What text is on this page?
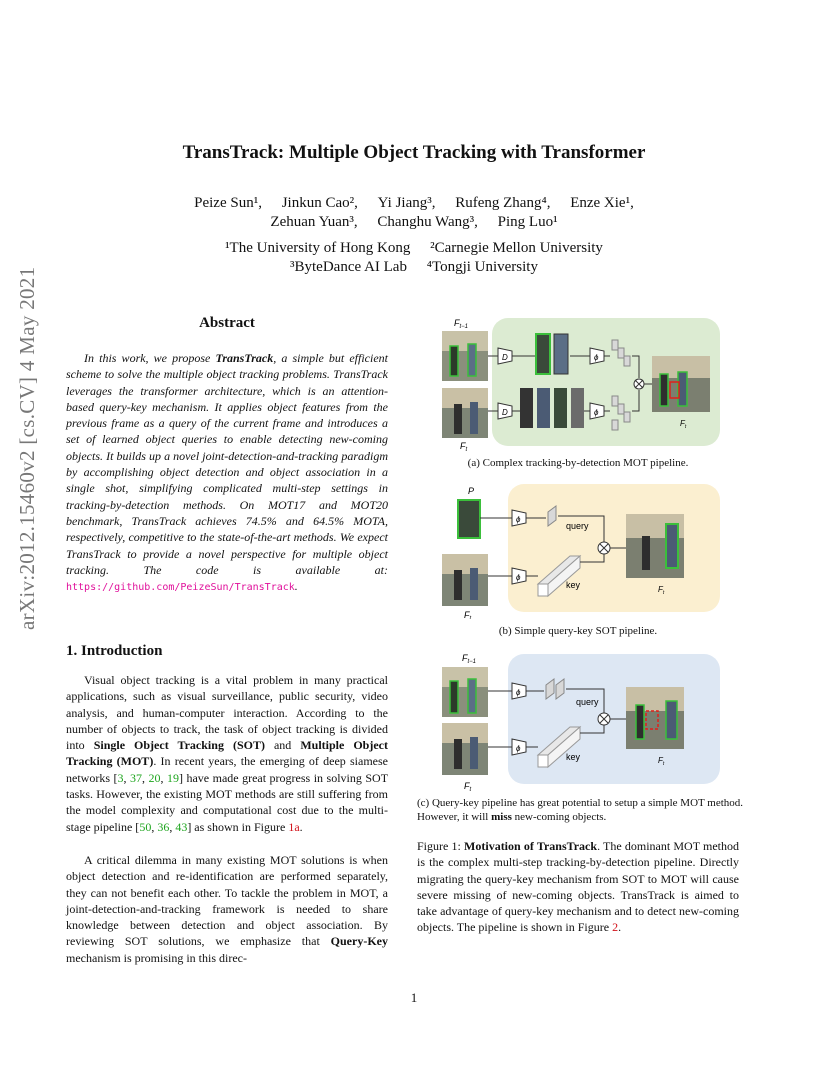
arXiv:2012.15460v2 [cs.CV] 4 May 2021
TransTrack: Multiple Object Tracking with Transformer
Peize Sun¹, Jinkun Cao², Yi Jiang³, Rufeng Zhang⁴, Enze Xie¹,
Zehuan Yuan³, Changhu Wang³, Ping Luo¹
¹The University of Hong Kong ²Carnegie Mellon University
³ByteDance AI Lab ⁴Tongji University
Abstract
In this work, we propose TransTrack, a simple but efficient scheme to solve the multiple object tracking problems. TransTrack leverages the transformer architecture, which is an attention-based query-key mechanism. It applies object features from the previous frame as a query of the current frame and introduces a set of learned object queries to enable detecting new-coming objects. It builds up a novel joint-detection-and-tracking paradigm by accomplishing object detection and object association in a single shot, simplifying complicated multi-step settings in tracking-by-detection methods. On MOT17 and MOT20 benchmark, TransTrack achieves 74.5% and 64.5% MOTA, respectively, competitive to the state-of-the-art methods. We expect TransTrack to provide a novel perspective for multiple object tracking. The code is available at: https://github.com/PeizeSun/TransTrack.
1. Introduction
Visual object tracking is a vital problem in many practical applications, such as visual surveillance, public security, video analysis, and human-computer interaction. According to the number of objects to track, the task of object tracking is divided into Single Object Tracking (SOT) and Multiple Object Tracking (MOT). In recent years, the emerging of deep siamese networks [3, 37, 20, 19] have made great progress in solving SOT tasks. However, the existing MOT methods are still suffering from the model complexity and computational cost due to the multi-stage pipeline [50, 36, 43] as shown in Figure 1a.
A critical dilemma in many existing MOT solutions is when object detection and re-identification are performed separately, they can not benefit each other. To tackle the problem in MOT, a joint-detection-and-tracking framework is needed to share knowledge between detection and object association. By reviewing SOT solutions, we emphasize that Query-Key mechanism is promising in this direc-
$F_{t-1}$
$F_t$
D
D
ϕ
ϕ
$F_t$
(a) Complex tracking-by-detection MOT pipeline.
P
$F_t$
ϕ
ϕ
query
key	$F_t$
(b) Simple query-key SOT pipeline.
$F_{t-1}$
$F_t$
ϕ
ϕ
query
key	$F_t$
(c) Query-key pipeline has great potential to setup a simple MOT method. However, it will miss new-coming objects.
Figure 1: Motivation of TransTrack. The dominant MOT method is the complex multi-step tracking-by-detection pipeline. Directly migrating the query-key mechanism from SOT to MOT will cause severe missing of new-coming objects. TransTrack is aimed to take advantage of query-key mechanism and to detect new-coming objects. The pipeline is shown in Figure 2.
1
